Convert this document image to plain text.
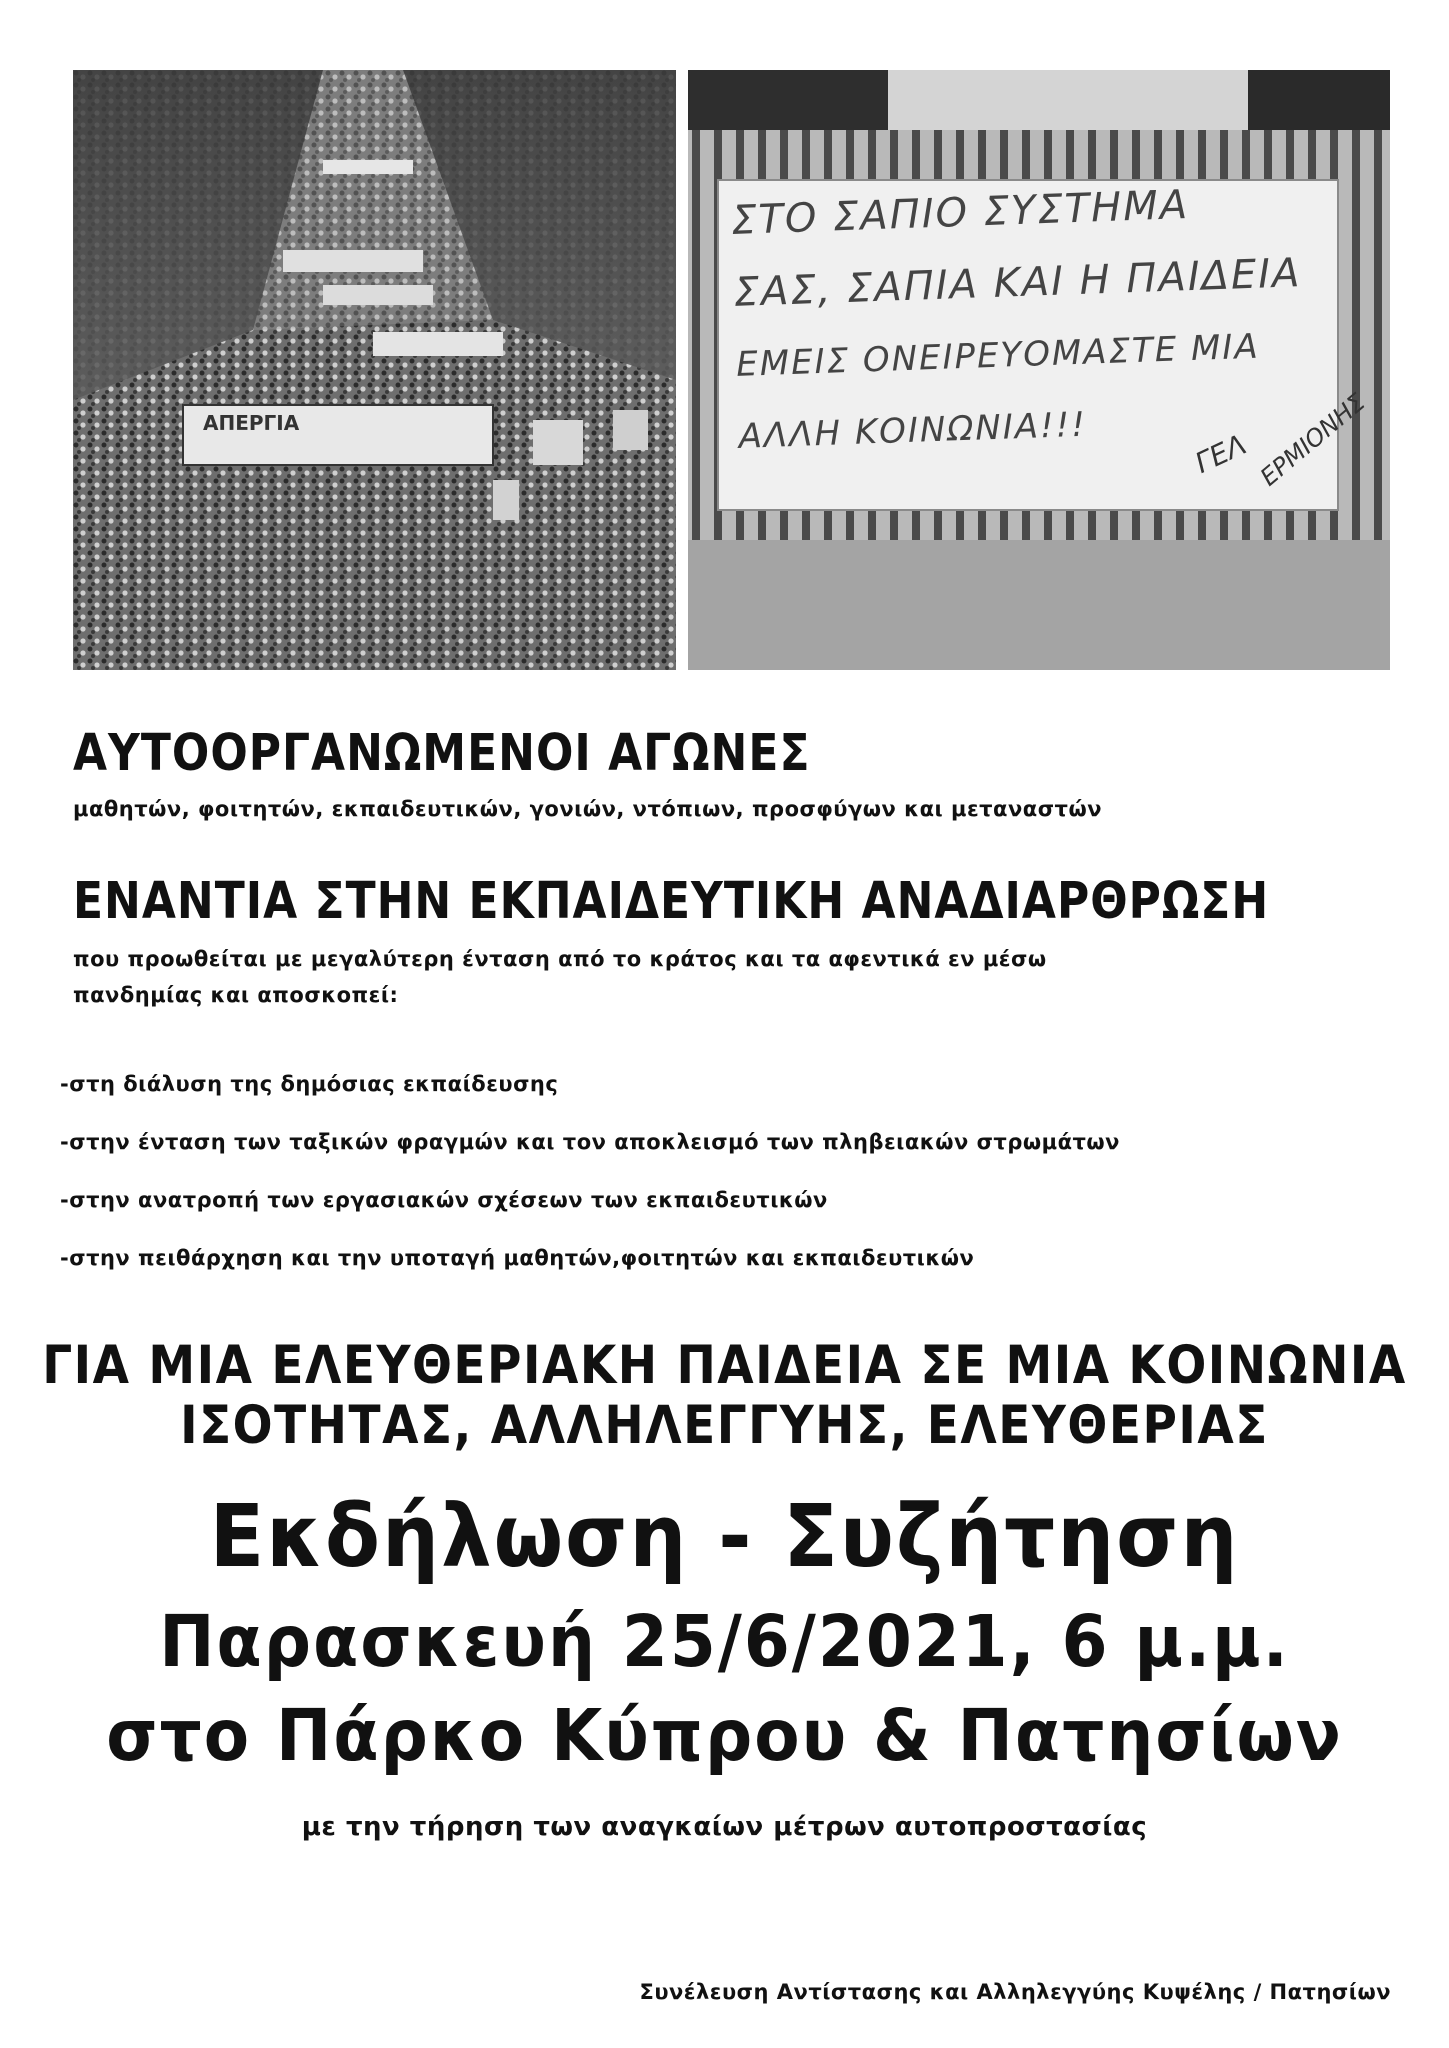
ΑΠΕΡΓΙΑ
ΣΤΟ ΣΑΠΙΟ ΣΥΣΤΗΜΑ
ΣΑΣ, ΣΑΠΙΑ ΚΑΙ Η ΠΑΙΔΕΙΑ
ΕΜΕΙΣ ΟΝΕΙΡΕΥΟΜΑΣΤΕ ΜΙΑ
ΑΛΛΗ ΚΟΙΝΩΝΙΑ!!!	ΓΕΛ ΕΡΜΙΟΝΗΣ
ΑΥΤΟΟΡΓΑΝΩΜΕΝΟΙ ΑΓΩΝΕΣ
μαθητών, φοιτητών, εκπαιδευτικών, γονιών, ντόπιων, προσφύγων και μεταναστών
ΕΝΑΝΤΙΑ ΣΤΗΝ ΕΚΠΑΙΔΕΥΤΙΚΗ ΑΝΑΔΙΑΡΘΡΩΣΗ
που προωθείται με μεγαλύτερη ένταση από το κράτος και τα αφεντικά εν μέσω
πανδημίας και αποσκοπεί:
-στη διάλυση της δημόσιας εκπαίδευσης
-στην ένταση των ταξικών φραγμών και τον αποκλεισμό των πληβειακών στρωμάτων
-στην ανατροπή των εργασιακών σχέσεων των εκπαιδευτικών
-στην πειθάρχηση και την υποταγή μαθητών,φοιτητών και εκπαιδευτικών
ΓΙΑ ΜΙΑ ΕΛΕΥΘΕΡΙΑΚΗ ΠΑΙΔΕΙΑ ΣΕ ΜΙΑ ΚΟΙΝΩΝΙΑ
ΙΣΟΤΗΤΑΣ, ΑΛΛΗΛΕΓΓΥΗΣ, ΕΛΕΥΘΕΡΙΑΣ
Εκδήλωση - Συζήτηση
Παρασκευή 25/6/2021, 6 μ.μ.
στο Πάρκο Κύπρου & Πατησίων
με την τήρηση των αναγκαίων μέτρων αυτοπροστασίας
Συνέλευση Αντίστασης και Αλληλεγγύης Κυψέλης / Πατησίων
